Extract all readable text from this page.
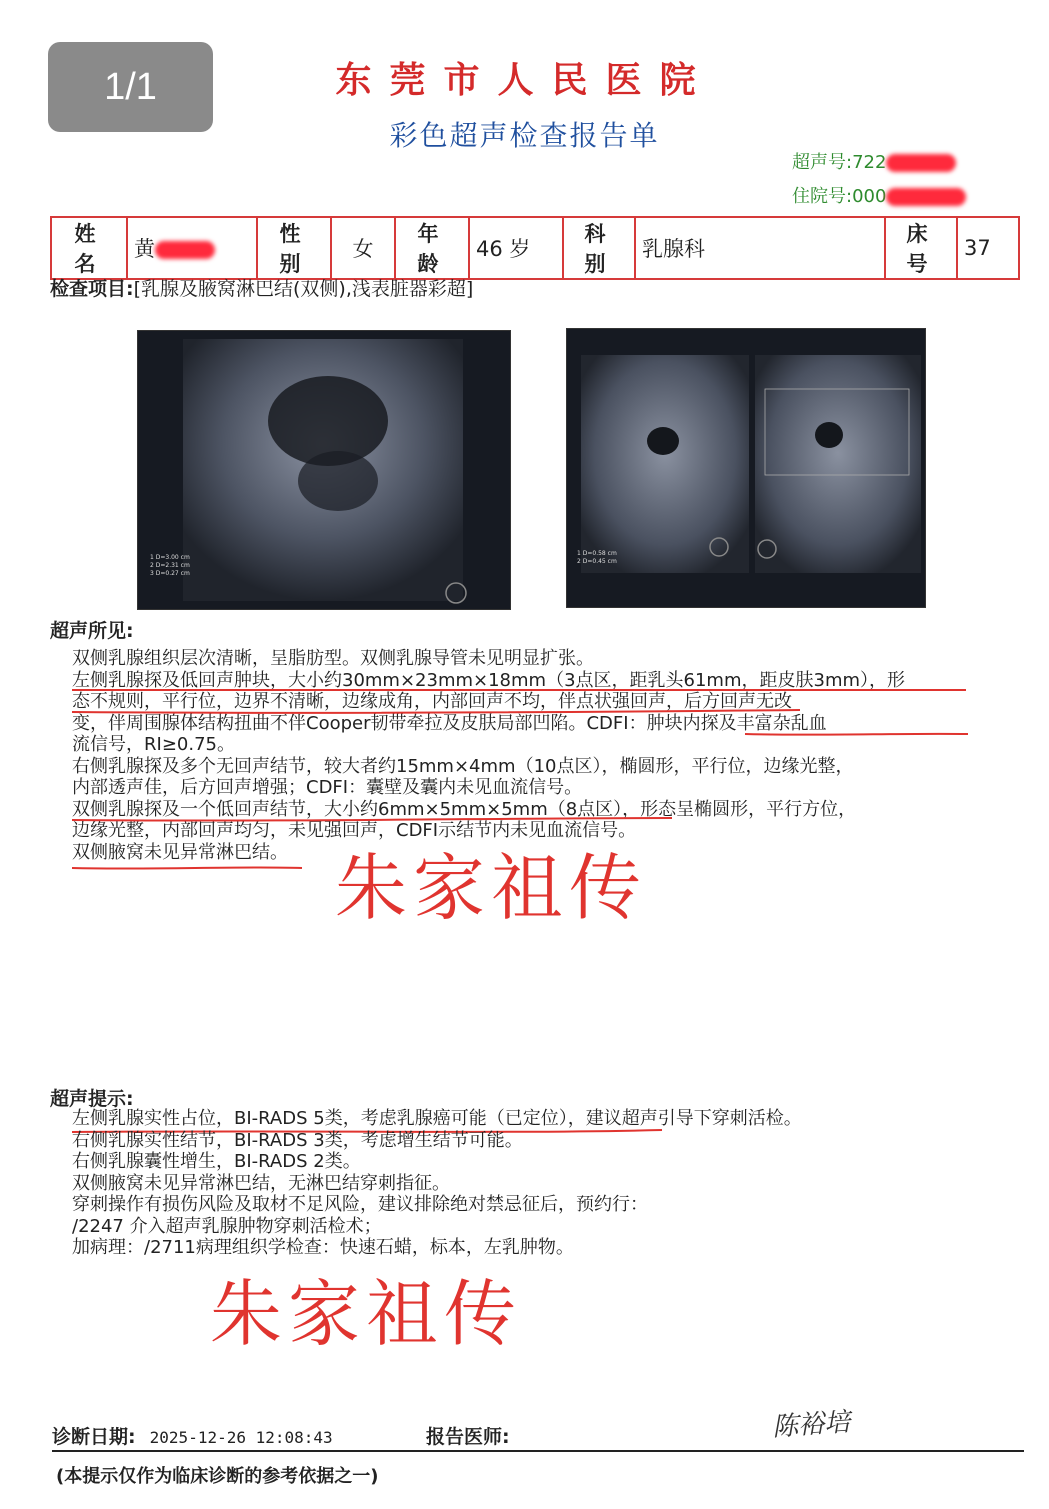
1/1	东莞市人民医院
彩色超声检查报告单
超声号:722
住院号:000
姓 名	黄	性 别	女	年 龄	46 岁	科 别	乳腺科	床 号	37
检查项目:[乳腺及腋窝淋巴结(双侧),浅表脏器彩超]
1 D=3.00 cm
2 D=2.31 cm
3 D=0.27 cm
1 D=0.58 cm
2 D=0.45 cm
超声所见:
双侧乳腺组织层次清晰，呈脂肪型。双侧乳腺导管未见明显扩张。
左侧乳腺探及低回声肿块，大小约30mm×23mm×18mm（3点区，距乳头61mm，距皮肤3mm），形
态不规则，平行位，边界不清晰，边缘成角，内部回声不均，伴点状强回声，后方回声无改
变，伴周围腺体结构扭曲不伴Cooper韧带牵拉及皮肤局部凹陷。CDFI：肿块内探及丰富杂乱血
流信号，RI≥0.75。
右侧乳腺探及多个无回声结节，较大者约15mm×4mm（10点区），椭圆形，平行位，边缘光整，
内部透声佳，后方回声增强；CDFI：囊壁及囊内未见血流信号。
双侧乳腺探及一个低回声结节，大小约6mm×5mm×5mm（8点区），形态呈椭圆形，平行方位，
边缘光整，内部回声均匀，未见强回声，CDFI示结节内未见血流信号。
双侧腋窝未见异常淋巴结。 朱家祖传
超声提示:
左侧乳腺实性占位，BI-RADS 5类，考虑乳腺癌可能（已定位），建议超声引导下穿刺活检。
右侧乳腺实性结节，BI-RADS 3类，考虑增生结节可能。
右侧乳腺囊性增生，BI-RADS 2类。
双侧腋窝未见异常淋巴结，无淋巴结穿刺指征。
穿刺操作有损伤风险及取材不足风险，建议排除绝对禁忌征后，预约行：
/2247 介入超声乳腺肿物穿刺活检术；
加病理：/2711病理组织学检查：快速石蜡，标本，左乳肿物。
朱家祖传
诊断日期: 2025-12-26 12:08:43	报告医师:	陈裕培
(本提示仅作为临床诊断的参考依据之一)
